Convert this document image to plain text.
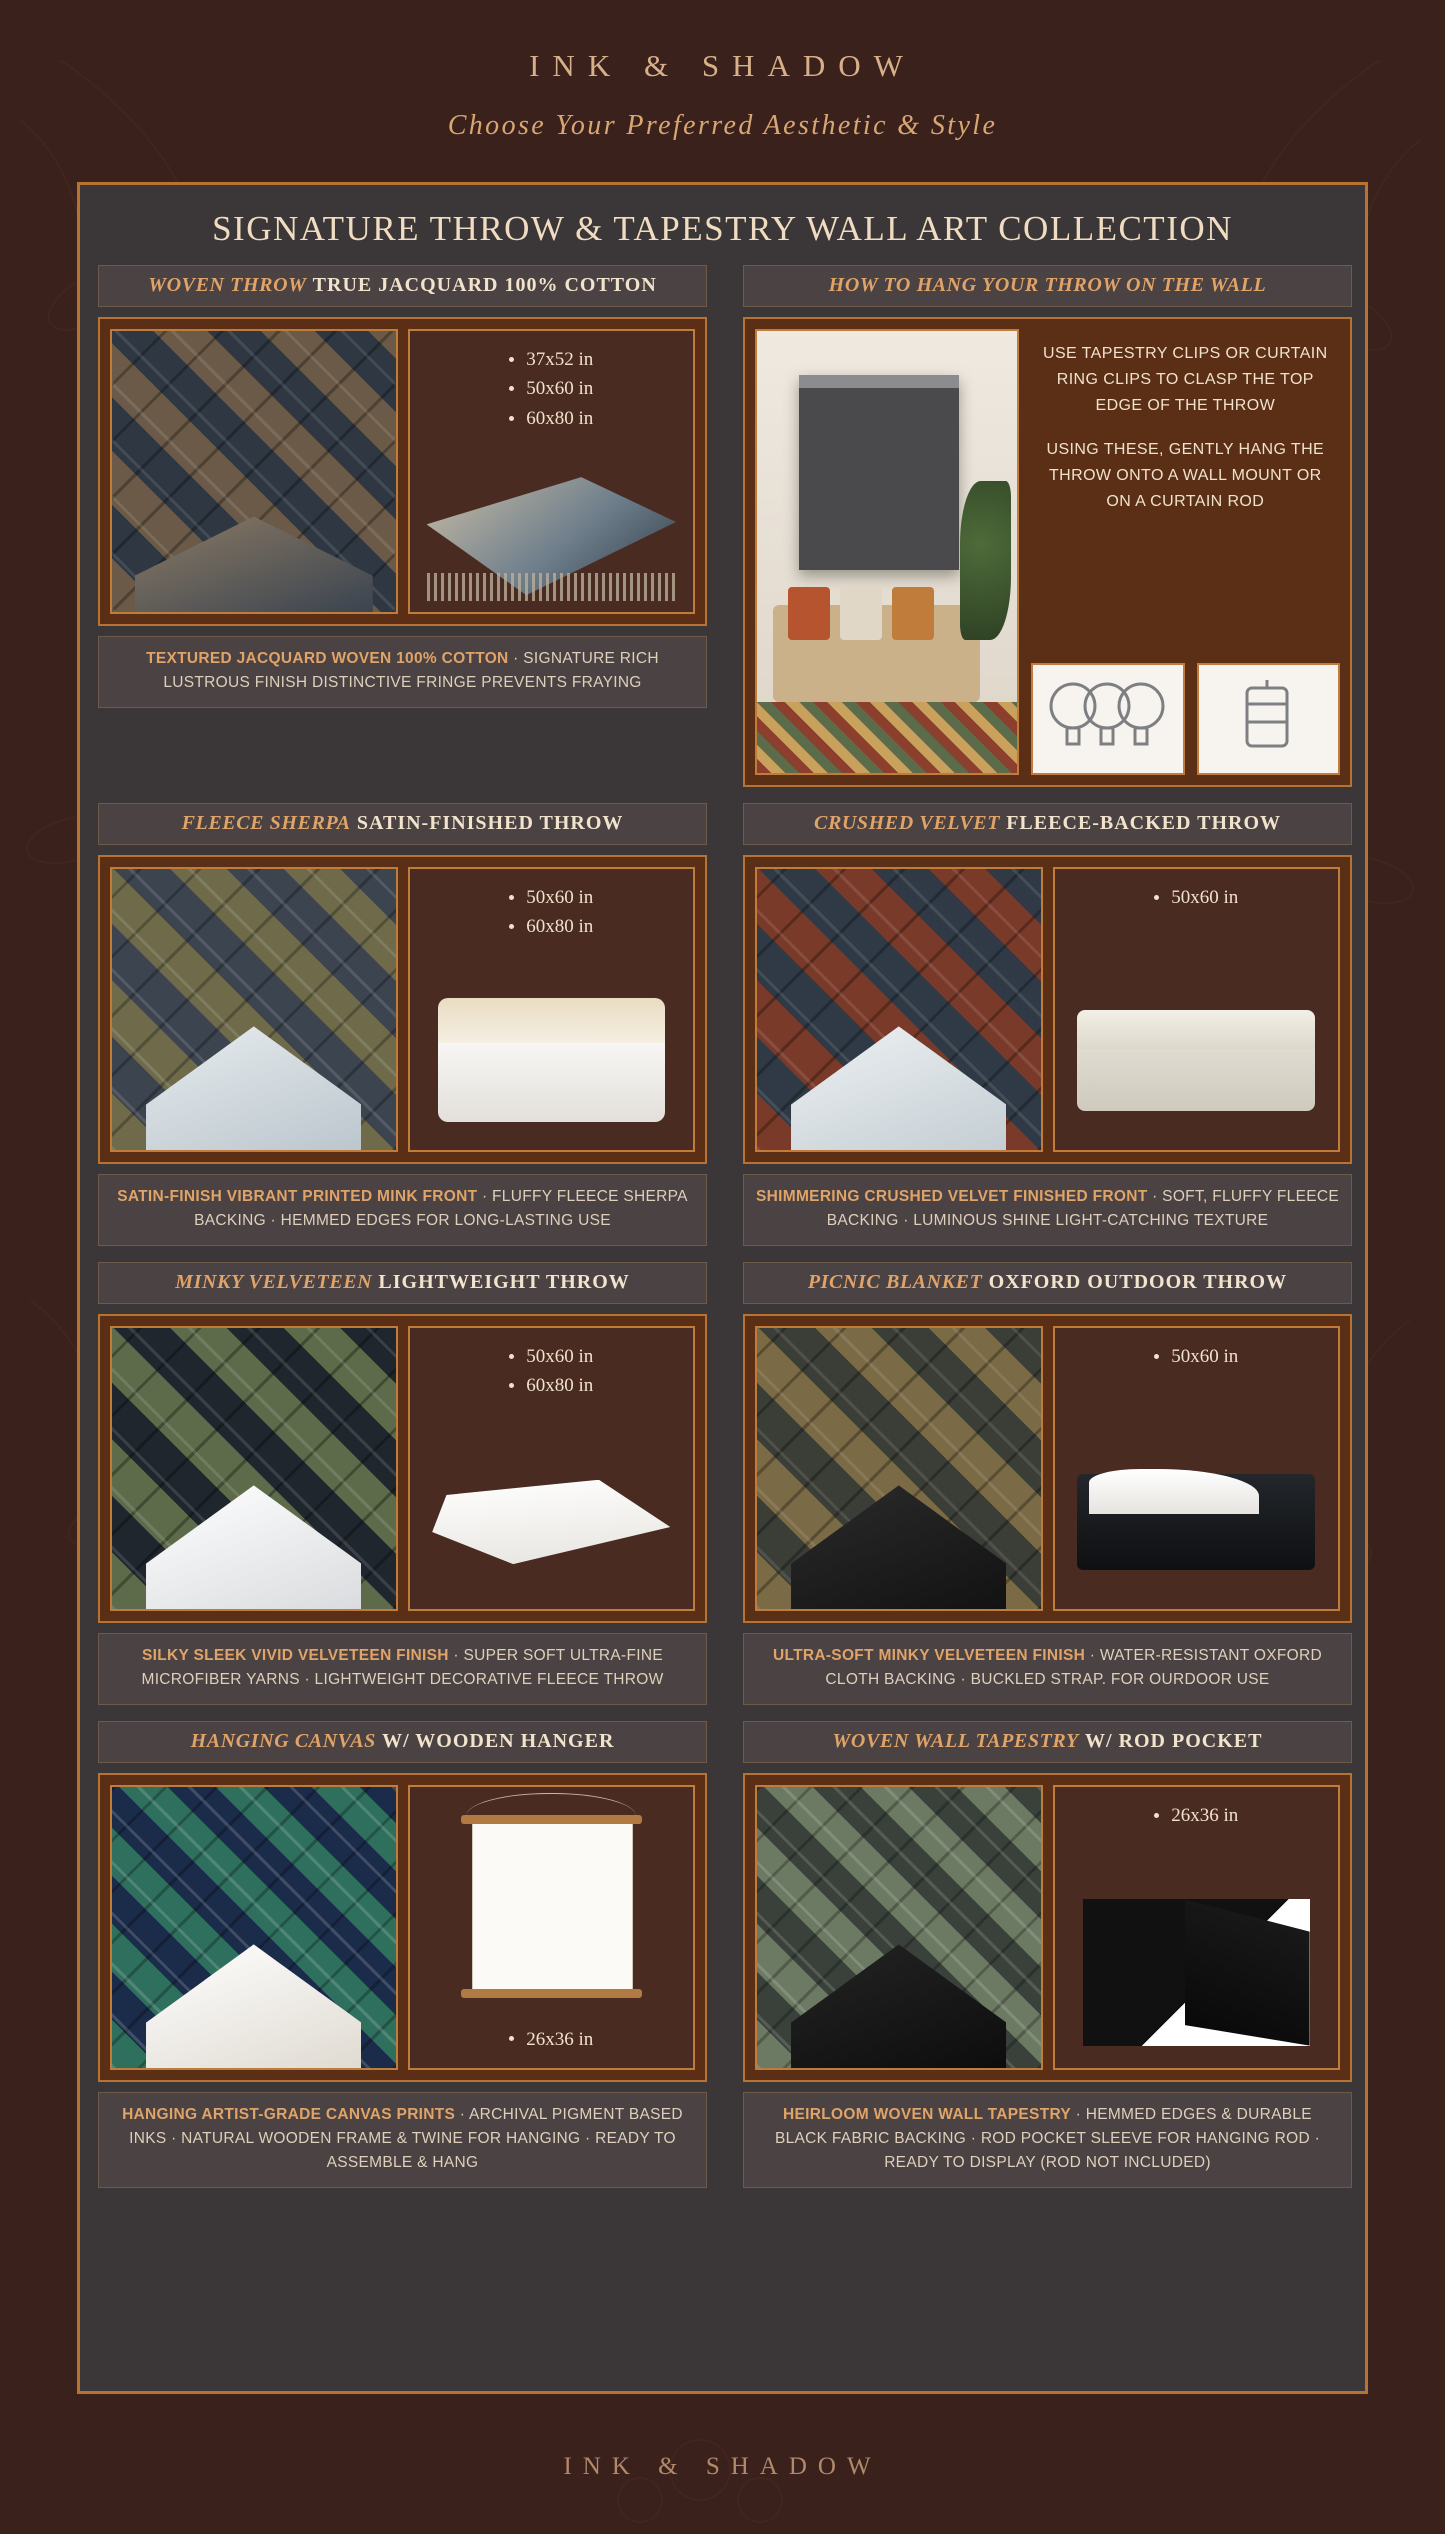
INK & SHADOW
Choose Your Preferred Aesthetic & Style
SIGNATURE THROW & TAPESTRY WALL ART COLLECTION
WOVEN THROW TRUE JACQUARD 100% COTTON
37x52 in
50x60 in
60x80 in
TEXTURED JACQUARD WOVEN 100% COTTON · SIGNATURE RICH LUSTROUS FINISH DISTINCTIVE FRINGE PREVENTS FRAYING
HOW TO HANG YOUR THROW ON THE WALL

USE TAPESTRY CLIPS OR CURTAIN RING CLIPS TO CLASP THE TOP EDGE OF THE THROW

USING THESE, GENTLY HANG THE THROW ONTO A WALL MOUNT OR ON A CURTAIN ROD

FLEECE SHERPA SATIN-FINISHED THROW
50x60 in
60x80 in
SATIN-FINISH VIBRANT PRINTED MINK FRONT · FLUFFY FLEECE SHERPA BACKING · HEMMED EDGES FOR LONG-LASTING USE
CRUSHED VELVET FLEECE-BACKED THROW
50x60 in
SHIMMERING CRUSHED VELVET FINISHED FRONT · SOFT, FLUFFY FLEECE BACKING · LUMINOUS SHINE LIGHT-CATCHING TEXTURE
MINKY VELVETEEN LIGHTWEIGHT THROW
50x60 in
60x80 in
SILKY SLEEK VIVID VELVETEEN FINISH · SUPER SOFT ULTRA-FINE MICROFIBER YARNS · LIGHTWEIGHT DECORATIVE FLEECE THROW
PICNIC BLANKET OXFORD OUTDOOR THROW
50x60 in
ULTRA-SOFT MINKY VELVETEEN FINISH · WATER-RESISTANT OXFORD CLOTH BACKING · BUCKLED STRAP. FOR OURDOOR USE
HANGING CANVAS W/ WOODEN HANGER
26x36 in
HANGING ARTIST-GRADE CANVAS PRINTS · ARCHIVAL PIGMENT BASED INKS · NATURAL WOODEN FRAME & TWINE FOR HANGING · READY TO ASSEMBLE & HANG
WOVEN WALL TAPESTRY W/ ROD POCKET
26x36 in
HEIRLOOM WOVEN WALL TAPESTRY · HEMMED EDGES & DURABLE BLACK FABRIC BACKING · ROD POCKET SLEEVE FOR HANGING ROD · READY TO DISPLAY (ROD NOT INCLUDED)
INK & SHADOW
